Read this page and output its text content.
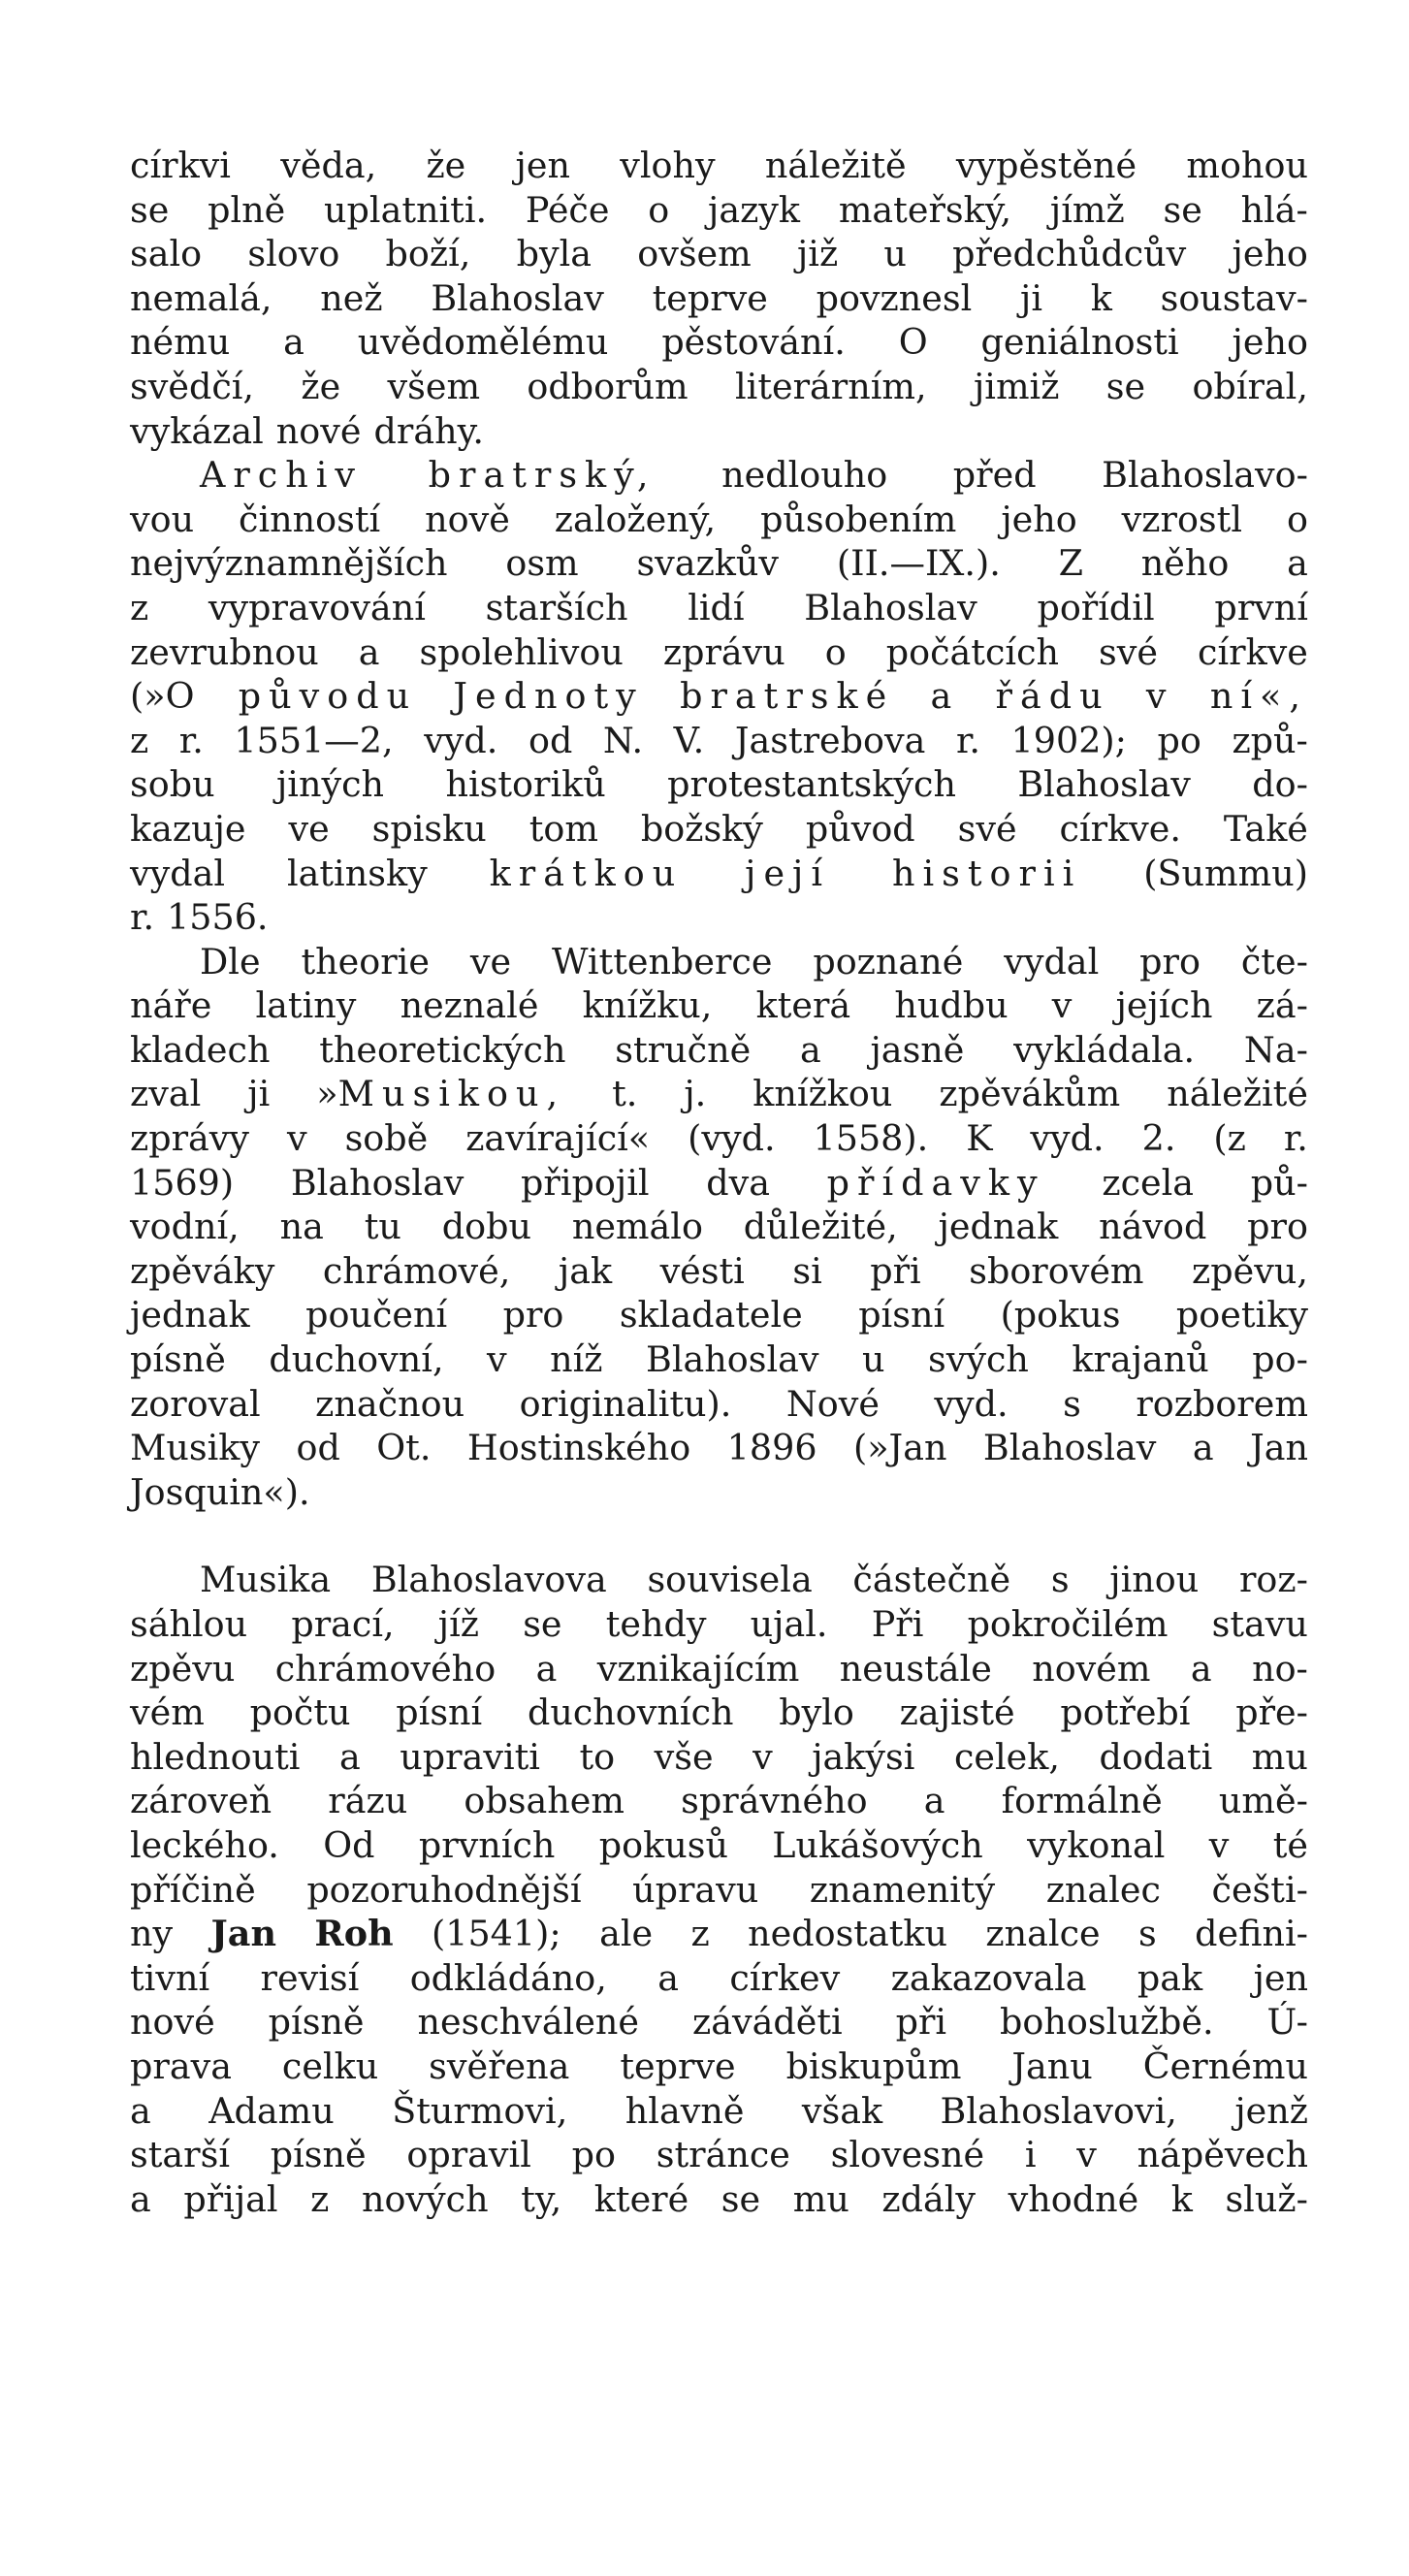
církvi věda, že jen vlohy náležitě vypěstěné mohou
se plně uplatniti. Péče o jazyk mateřský, jímž se hlá-
salo slovo boží, byla ovšem již u předchůdcův jeho
nemalá, než Blahoslav teprve povznesl ji k soustav-
nému a uvědomělému pěstování. O geniálnosti jeho
svědčí, že všem odborům literárním, jimiž se obíral,
vykázal nové dráhy.
Archiv bratrský, nedlouho před Blahoslavo-
vou činností nově založený, působením jeho vzrostl o
nejvýznamnějších osm svazkův (II.—IX.). Z něho a
z vypravování starších lidí Blahoslav pořídil první
zevrubnou a spolehlivou zprávu o počátcích své církve
(»O původu Jednoty bratrské a řádu v ní«,
z r. 1551—2, vyd. od N. V. Jastrebova r. 1902); po způ-
sobu jiných historiků protestantských Blahoslav do-
kazuje ve spisku tom božský původ své církve. Také
vydal latinsky krátkou její historii (Summu)
r. 1556.
Dle theorie ve Wittenberce poznané vydal pro čte-
náře latiny neznalé knížku, která hudbu v jejích zá-
kladech theoretických stručně a jasně vykládala. Na-
zval ji »Musikou, t. j. knížkou zpěvákům náležité
zprávy v sobě zavírající« (vyd. 1558). K vyd. 2. (z r.
1569) Blahoslav připojil dva přídavky zcela pů-
vodní, na tu dobu nemálo důležité, jednak návod pro
zpěváky chrámové, jak vésti si při sborovém zpěvu,
jednak poučení pro skladatele písní (pokus poetiky
písně duchovní, v níž Blahoslav u svých krajanů po-
zoroval značnou originalitu). Nové vyd. s rozborem
Musiky od Ot. Hostinského 1896 (»Jan Blahoslav a Jan
Josquin«).
Musika Blahoslavova souvisela částečně s jinou roz-
sáhlou prací, jíž se tehdy ujal. Při pokročilém stavu
zpěvu chrámového a vznikajícím neustále novém a no-
vém počtu písní duchovních bylo zajisté potřebí pře-
hlednouti a upraviti to vše v jakýsi celek, dodati mu
zároveň rázu obsahem správného a formálně umě-
leckého. Od prvních pokusů Lukášových vykonal v té
příčině pozoruhodnější úpravu znamenitý znalec češti-
ny Jan Roh (1541); ale z nedostatku znalce s defini-
tivní revisí odkládáno, a církev zakazovala pak jen
nové písně neschválené záváděti při bohoslužbě. Ú-
prava celku svěřena teprve biskupům Janu Černému
a Adamu Šturmovi, hlavně však Blahoslavovi, jenž
starší písně opravil po stránce slovesné i v nápěvech
a přijal z nových ty, které se mu zdály vhodné k služ-
